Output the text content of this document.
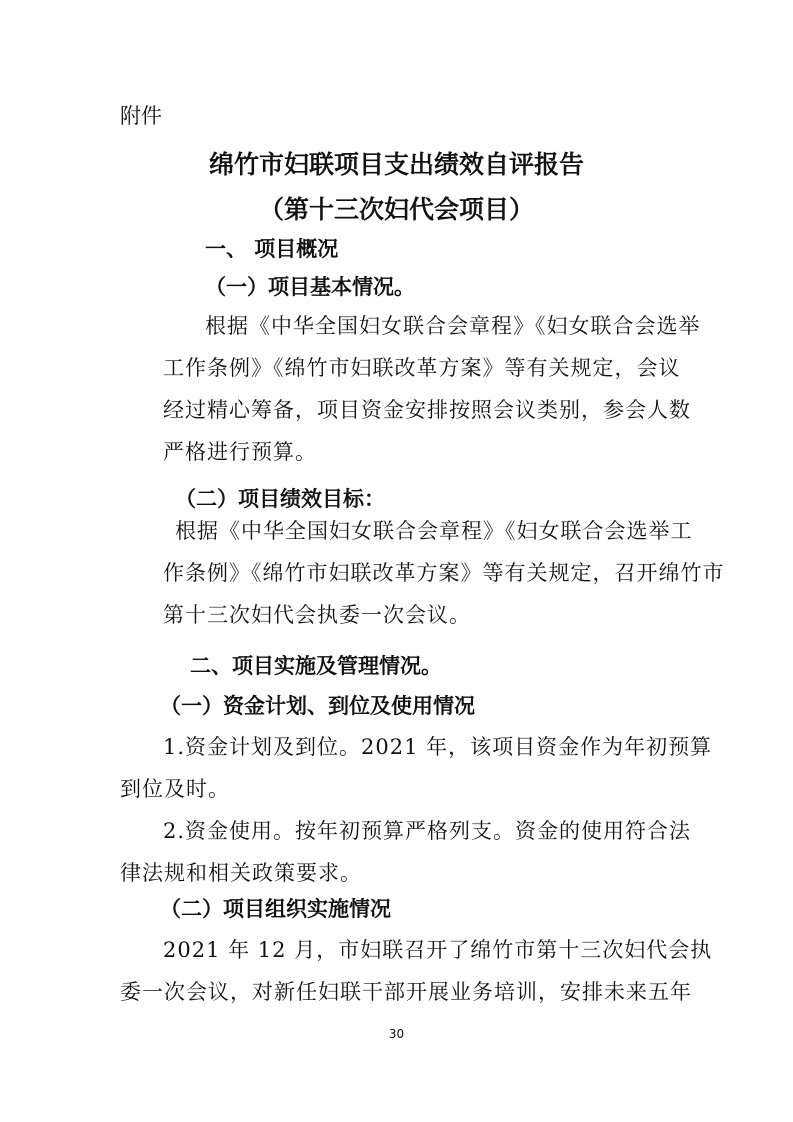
附件
绵竹市妇联项目支出绩效自评报告
（第十三次妇代会项目）
一、 项目概况
（一）项目基本情况。
根据《中华全国妇女联合会章程》《妇女联合会选举
工作条例》《绵竹市妇联改革方案》等有关规定，会议
经过精心筹备，项目资金安排按照会议类别，参会人数
严格进行预算。
（二）项目绩效目标：
根据《中华全国妇女联合会章程》《妇女联合会选举工
作条例》《绵竹市妇联改革方案》等有关规定，召开绵竹市
第十三次妇代会执委一次会议。
二、项目实施及管理情况。
（一）资金计划、到位及使用情况
1.资金计划及到位。2021 年，该项目资金作为年初预算
到位及时。
2.资金使用。按年初预算严格列支。资金的使用符合法
律法规和相关政策要求。
（二）项目组织实施情况
2021 年 12 月，市妇联召开了绵竹市第十三次妇代会执
委一次会议，对新任妇联干部开展业务培训，安排未来五年
30
